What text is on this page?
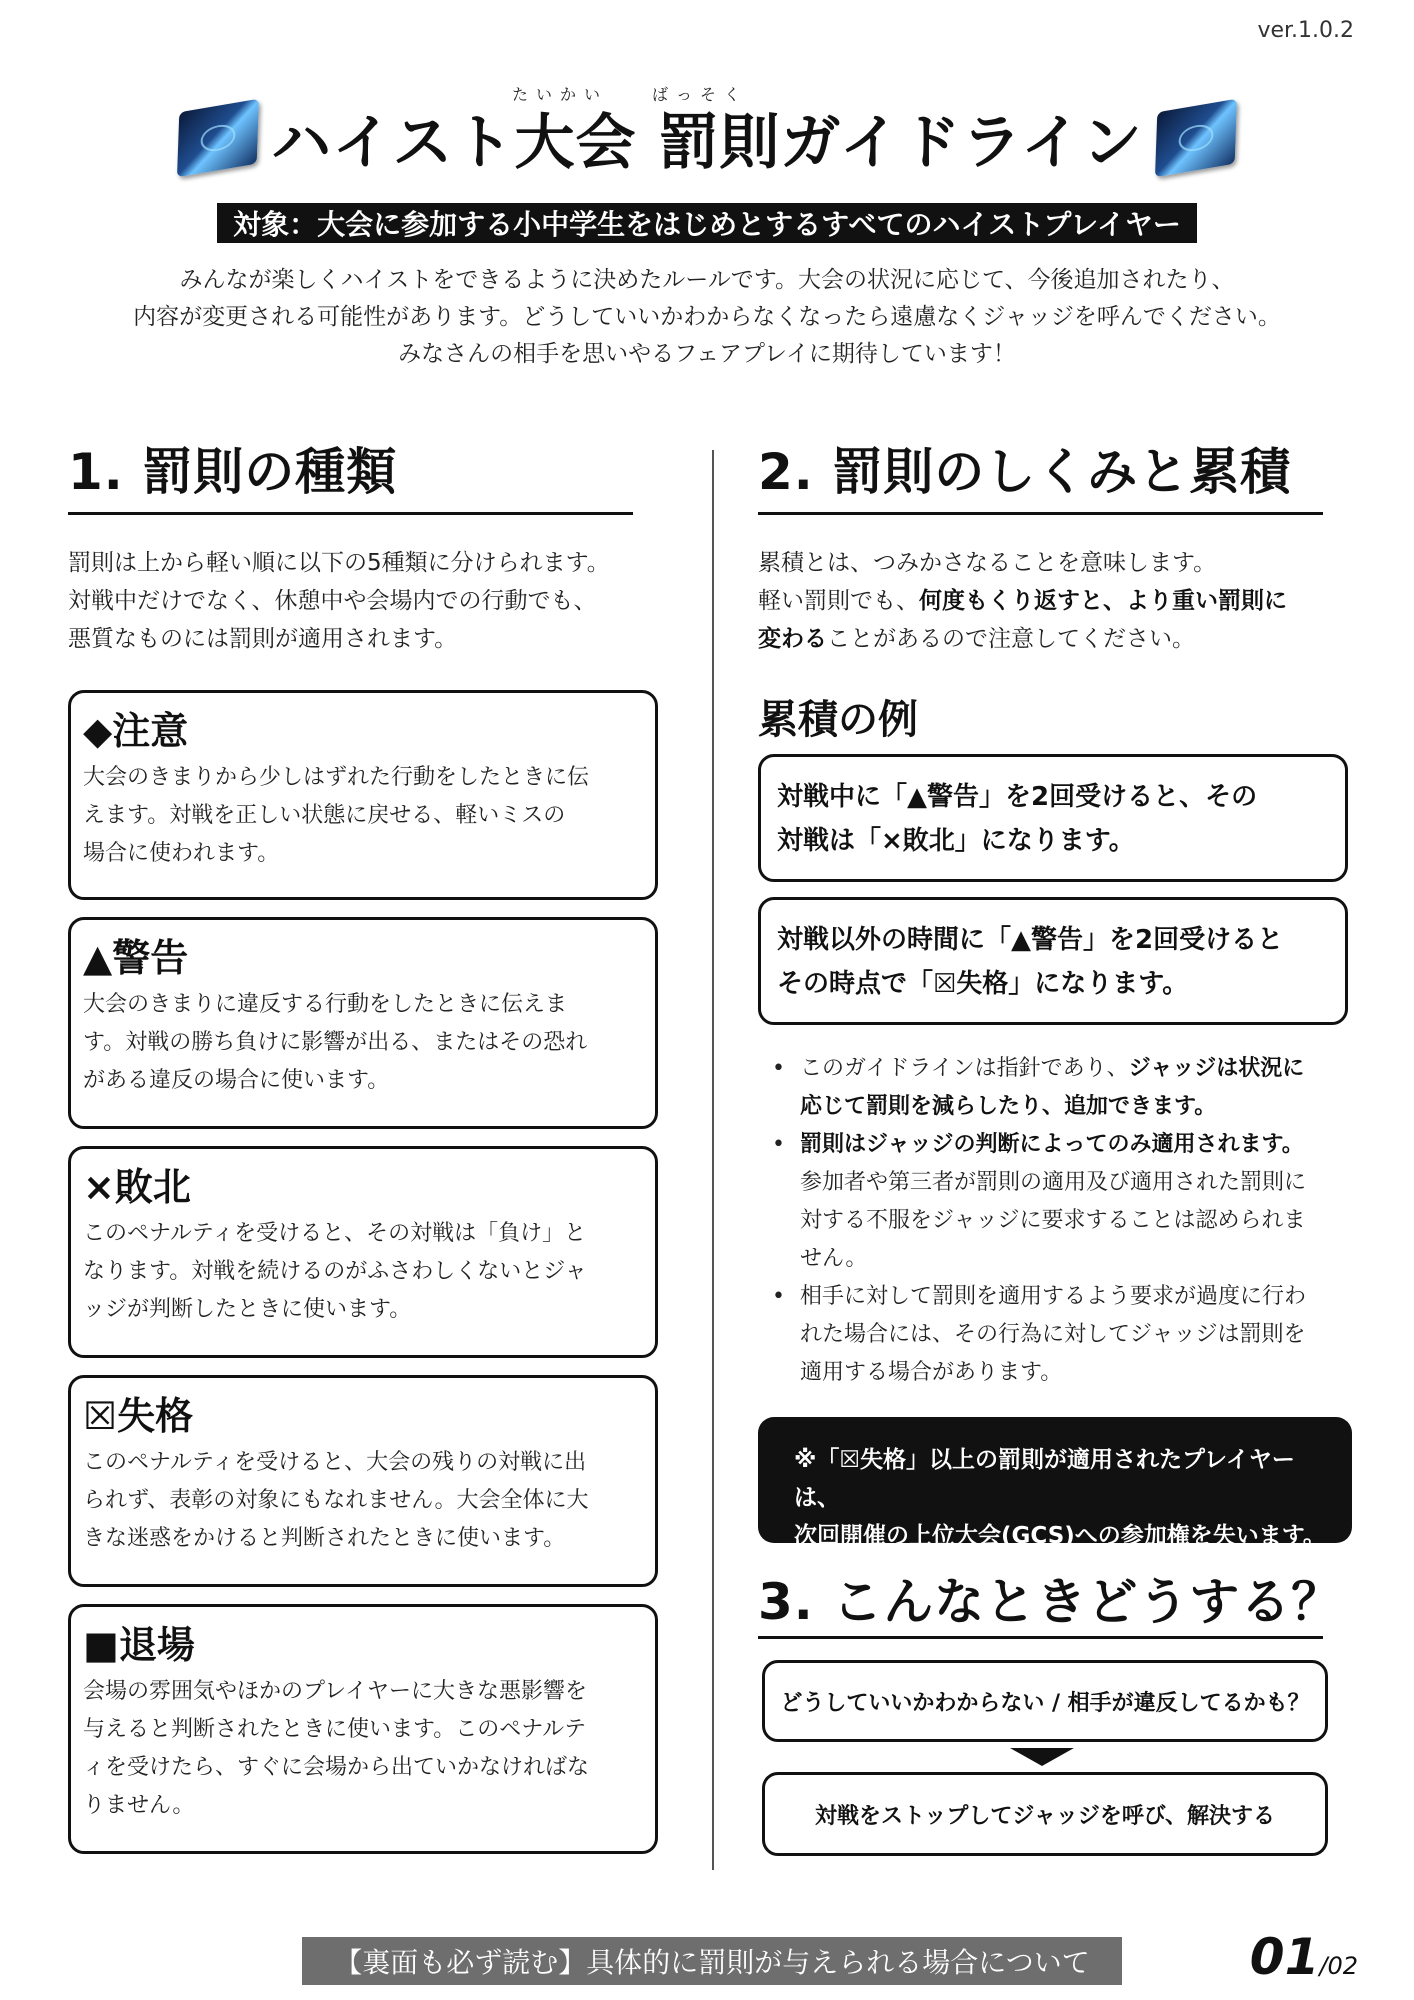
ver.1.0.2
たいかい	ばっそく
ハイスト大会 罰則ガイドライン
対象：大会に参加する小中学生をはじめとするすべてのハイストプレイヤー
みんなが楽しくハイストをできるように決めたルールです。大会の状況に応じて、今後追加されたり、
内容が変更される可能性があります。どうしていいかわからなくなったら遠慮なくジャッジを呼んでください。
みなさんの相手を思いやるフェアプレイに期待しています！
1. 罰則の種類
罰則は上から軽い順に以下の5種類に分けられます。
対戦中だけでなく、休憩中や会場内での行動でも、
悪質なものには罰則が適用されます。
◆注意
大会のきまりから少しはずれた行動をしたときに伝
えます。対戦を正しい状態に戻せる、軽いミスの
場合に使われます。
▲警告
大会のきまりに違反する行動をしたときに伝えま
す。対戦の勝ち負けに影響が出る、またはその恐れ
がある違反の場合に使います。
×敗北
このペナルティを受けると、その対戦は「負け」と
なります。対戦を続けるのがふさわしくないとジャ
ッジが判断したときに使います。
☒失格
このペナルティを受けると、大会の残りの対戦に出
られず、表彰の対象にもなれません。大会全体に大
きな迷惑をかけると判断されたときに使います。
■退場
会場の雰囲気やほかのプレイヤーに大きな悪影響を
与えると判断されたときに使います。このペナルテ
ィを受けたら、すぐに会場から出ていかなければな
りません。
2. 罰則のしくみと累積
累積とは、つみかさなることを意味します。
軽い罰則でも、何度もくり返すと、より重い罰則に
変わることがあるので注意してください。
累積の例
対戦中に「▲警告」を2回受けると、その
対戦は「×敗北」になります。
対戦以外の時間に「▲警告」を2回受けると
その時点で「☒失格」になります。
• このガイドラインは指針であり、ジャッジは状況に
応じて罰則を減らしたり、追加できます。
• 罰則はジャッジの判断によってのみ適用されます。
参加者や第三者が罰則の適用及び適用された罰則に
対する不服をジャッジに要求することは認められま
せん。
• 相手に対して罰則を適用するよう要求が過度に行わ
れた場合には、その行為に対してジャッジは罰則を
適用する場合があります。
※「☒失格」以上の罰則が適用されたプレイヤーは、
次回開催の上位大会(GCS)への参加権を失います。
3. こんなときどうする？
どうしていいかわからない / 相手が違反してるかも？
対戦をストップしてジャッジを呼び、解決する
【裏面も必ず読む】具体的に罰則が与えられる場合について	01/02
